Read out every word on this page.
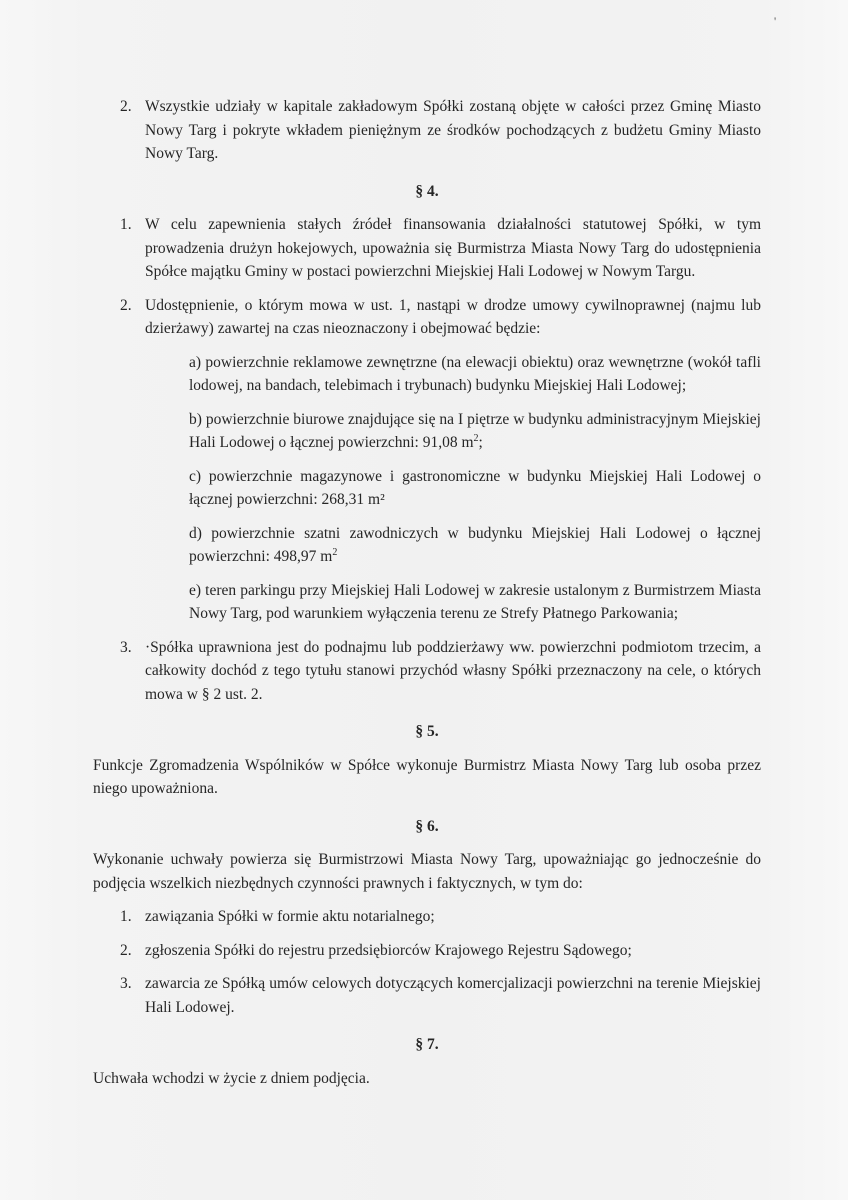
'
2. Wszystkie udziały w kapitale zakładowym Spółki zostaną objęte w całości przez Gminę Miasto Nowy Targ i pokryte wkładem pieniężnym ze środków pochodzących z budżetu Gminy Miasto Nowy Targ.
§ 4.
1. W celu zapewnienia stałych źródeł finansowania działalności statutowej Spółki, w tym prowadzenia drużyn hokejowych, upoważnia się Burmistrza Miasta Nowy Targ do udostępnienia Spółce majątku Gminy w postaci powierzchni Miejskiej Hali Lodowej w Nowym Targu.
2. Udostępnienie, o którym mowa w ust. 1, nastąpi w drodze umowy cywilnoprawnej (najmu lub dzierżawy) zawartej na czas nieoznaczony i obejmować będzie:
a) powierzchnie reklamowe zewnętrzne (na elewacji obiektu) oraz wewnętrzne (wokół tafli lodowej, na bandach, telebimach i trybunach) budynku Miejskiej Hali Lodowej;
b) powierzchnie biurowe znajdujące się na I piętrze w budynku administracyjnym Miejskiej Hali Lodowej o łącznej powierzchni: 91,08 $m^2$;
c) powierzchnie magazynowe i gastronomiczne w budynku Miejskiej Hali Lodowej o łącznej powierzchni: 268,31 m²
d) powierzchnie szatni zawodniczych w budynku Miejskiej Hali Lodowej o łącznej powierzchni: 498,97 $m^2$
e) teren parkingu przy Miejskiej Hali Lodowej w zakresie ustalonym z Burmistrzem Miasta Nowy Targ, pod warunkiem wyłączenia terenu ze Strefy Płatnego Parkowania;
3. ·Spółka uprawniona jest do podnajmu lub poddzierżawy ww. powierzchni podmiotom trzecim, a całkowity dochód z tego tytułu stanowi przychód własny Spółki przeznaczony na cele, o których mowa w § 2 ust. 2.
§ 5.
Funkcje Zgromadzenia Wspólników w Spółce wykonuje Burmistrz Miasta Nowy Targ lub osoba przez niego upoważniona.
§ 6.
Wykonanie uchwały powierza się Burmistrzowi Miasta Nowy Targ, upoważniając go jednocześnie do podjęcia wszelkich niezbędnych czynności prawnych i faktycznych, w tym do:
1. zawiązania Spółki w formie aktu notarialnego;
2. zgłoszenia Spółki do rejestru przedsiębiorców Krajowego Rejestru Sądowego;
3. zawarcia ze Spółką umów celowych dotyczących komercjalizacji powierzchni na terenie Miejskiej Hali Lodowej.
§ 7.
Uchwała wchodzi w życie z dniem podjęcia.
